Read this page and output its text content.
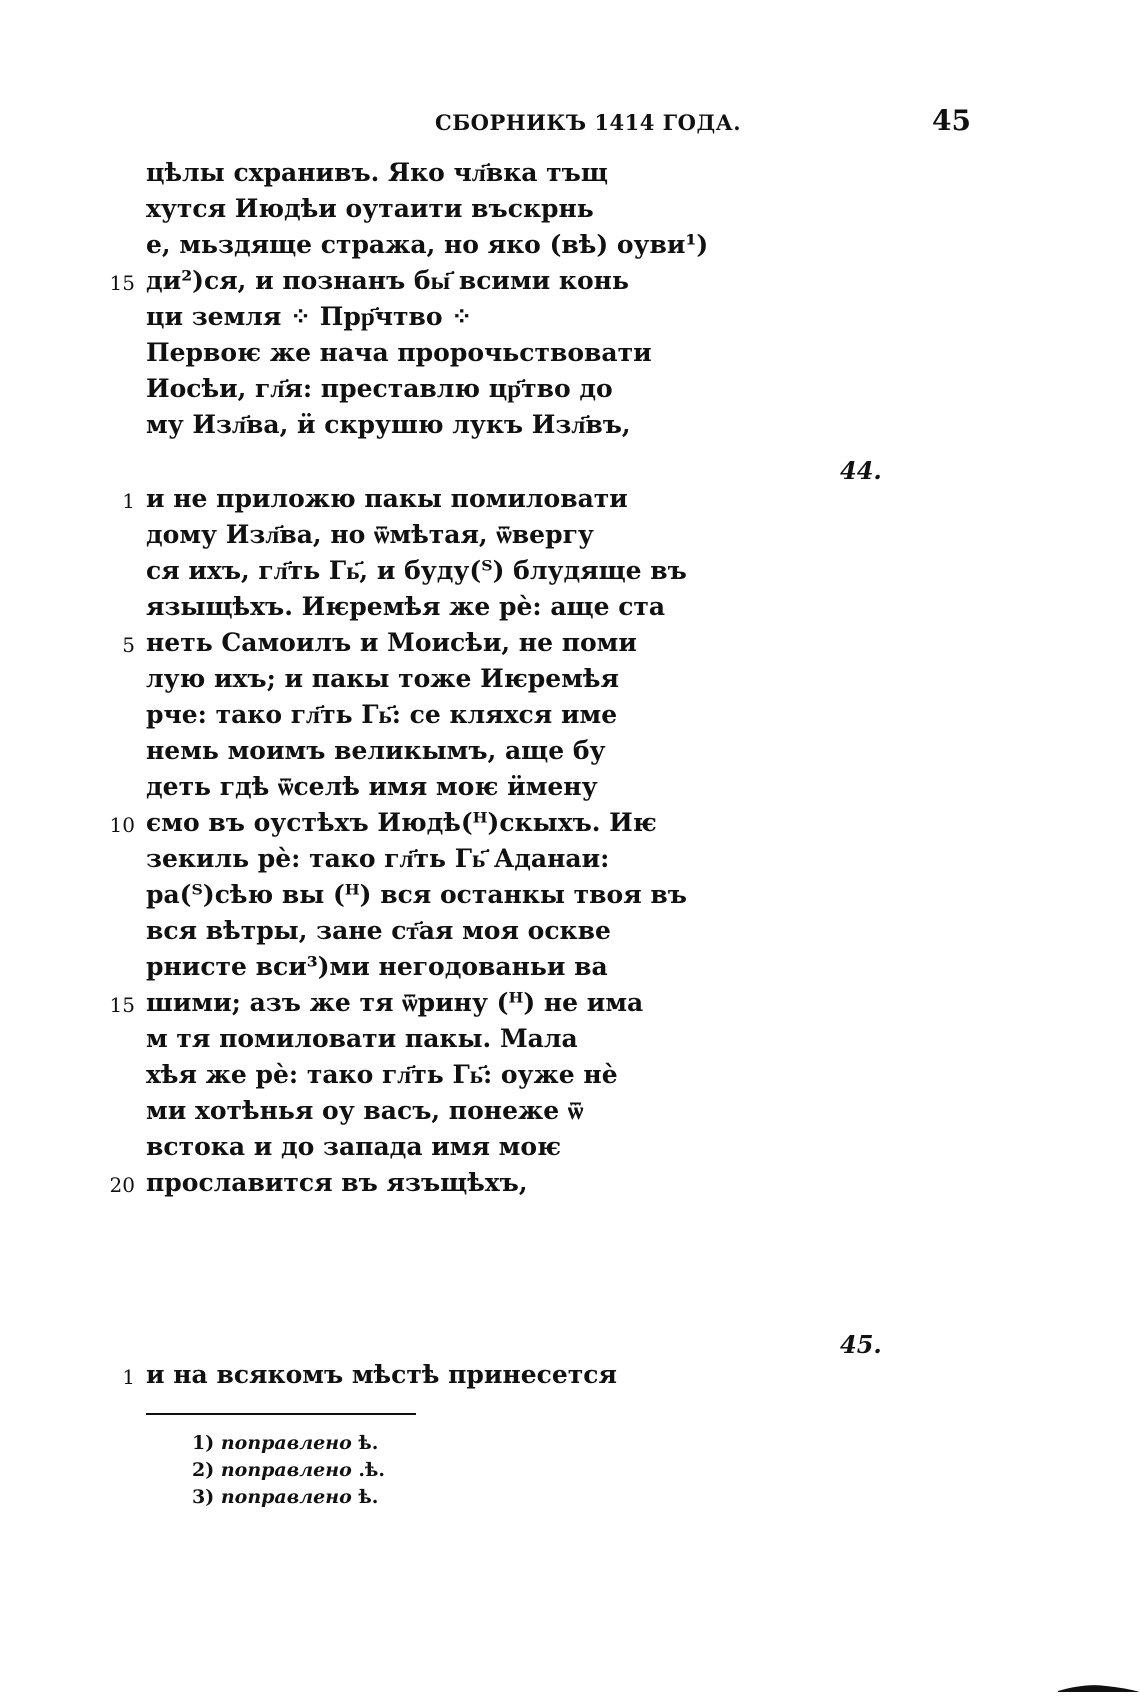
СБОРНИКЪ 1414 ГОДА.	45
цѣлы схранивъ. Яко чл҃вка тъщ
хутся Июдѣи оутаити въскрнь
е, мьздяще стража, но яко (вѣ) оуви¹)
15 ди²)ся, и познанъ бы҃ всими конь
ци земля ⁘ Прр҃чтво ⁘
Первоѥ же нача пророчьствовати
Иосѣи, гл҃я: преставлю цр҃тво до
му Изл҃ва, ӥ скрушю лукъ Изл҃въ,
44.
1 и не приложю пакы помиловати
дому Изл҃ва, но ѿмѣтая, ѿвергу
ся ихъ, гл҃ть Гь҃, и буду(ᵀ) блудяще въ
языщѣхъ. Иѥремѣя же рѐ: аще ста
5 неть Самоилъ и Моисѣи, не поми
лую ихъ; и пакы тоже Иѥремѣя
рче: тако гл҃ть Гь҃: се кляхся име
немь моимъ великымъ, аще бу
деть гдѣ ѿселѣ имя моѥ ӥмену
10 ємо въ оустѣхъ Июдѣ(ᴴ)скыхъ. Иѥ
зекиль рѐ: тако гл҃ть Гь҃ Аданаи:
ра(ᵀ)сѣю вы (ᴴ) вся останкы твоя въ
вся вѣтры, зане ст҃ая моя оскве
рнисте вси³)ми негодованьи ва
15 шими; азъ же тя ѿрину (ᴴ) не има
м тя помиловати пакы. Мала
хѣя же рѐ: тако гл҃ть Гь҃: оуже нѐ
ми хотѣнья оу васъ, понеже ѿ
встока и до запада имя моѥ
20 прославится въ язъщѣхъ,
45.
1 и на всякомъ мѣстѣ принесется
1) поправлено ѣ.
2) поправлено .ѣ.
3) поправлено ѣ.
